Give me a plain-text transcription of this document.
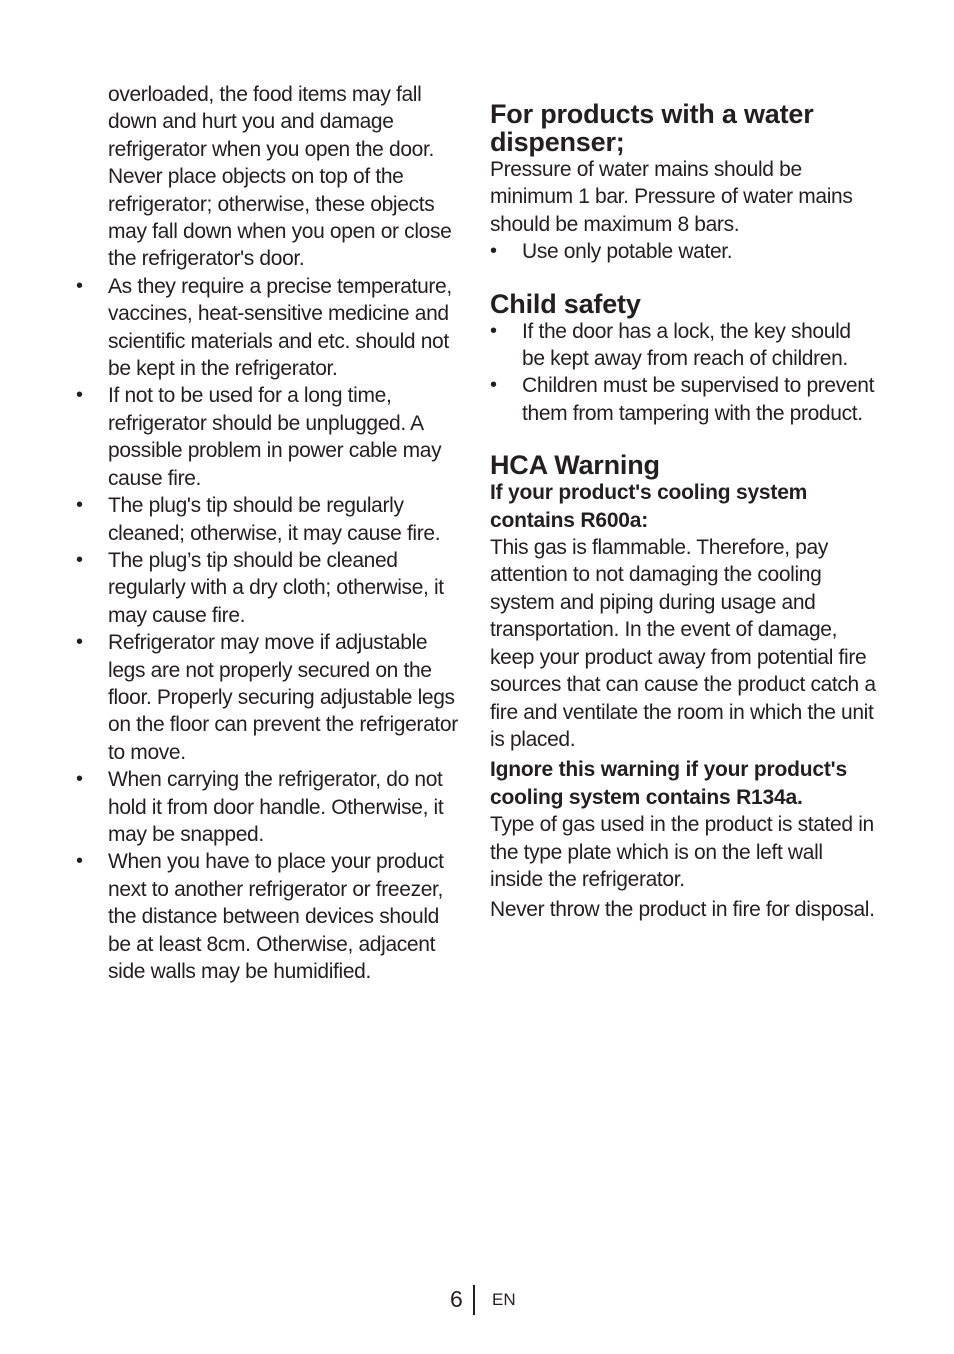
overloaded, the food items may fall down and hurt you and damage refrigerator when you open the door. Never place objects on top of the refrigerator; otherwise, these objects may fall down when you open or close the refrigerator's door.

•	As they require a precise temperature, vaccines, heat-sensitive medicine and scientific materials and etc. should not be kept in the refrigerator.
•	If not to be used for a long time, refrigerator should be unplugged. A possible problem in power cable may cause fire.
•	The plug's tip should be regularly cleaned; otherwise, it may cause fire.
•	The plug’s tip should be cleaned regularly with a dry cloth; otherwise, it may cause fire.
•	Refrigerator may move if adjustable legs are not properly secured on the floor. Properly securing adjustable legs on the floor can prevent the refrigerator to move.
•	When carrying the refrigerator, do not hold it from door handle. Otherwise, it may be snapped.
•	When you have to place your product next to another refrigerator or freezer, the distance between devices should be at least 8cm. Otherwise, adjacent side walls may be humidified.
For products with a water dispenser;

Pressure of water mains should be minimum 1 bar. Pressure of water mains should be maximum 8 bars.

•	Use only potable water.
Child safety
•	If the door has a lock, the key should be kept away from reach of children.
•	Children must be supervised to prevent them from tampering with the product.
HCA Warning

If your product's cooling system contains R600a:

This gas is flammable. Therefore, pay attention to not damaging the cooling system and piping during usage and transportation. In the event of damage, keep your product away from potential fire sources that can cause the product catch a fire and ventilate the room in which the unit is placed.

Ignore this warning if your product's cooling system contains R134a.

Type of gas used in the product is stated in the type plate which is on the left wall inside the refrigerator.

Never throw the product in fire for disposal.

6 EN
